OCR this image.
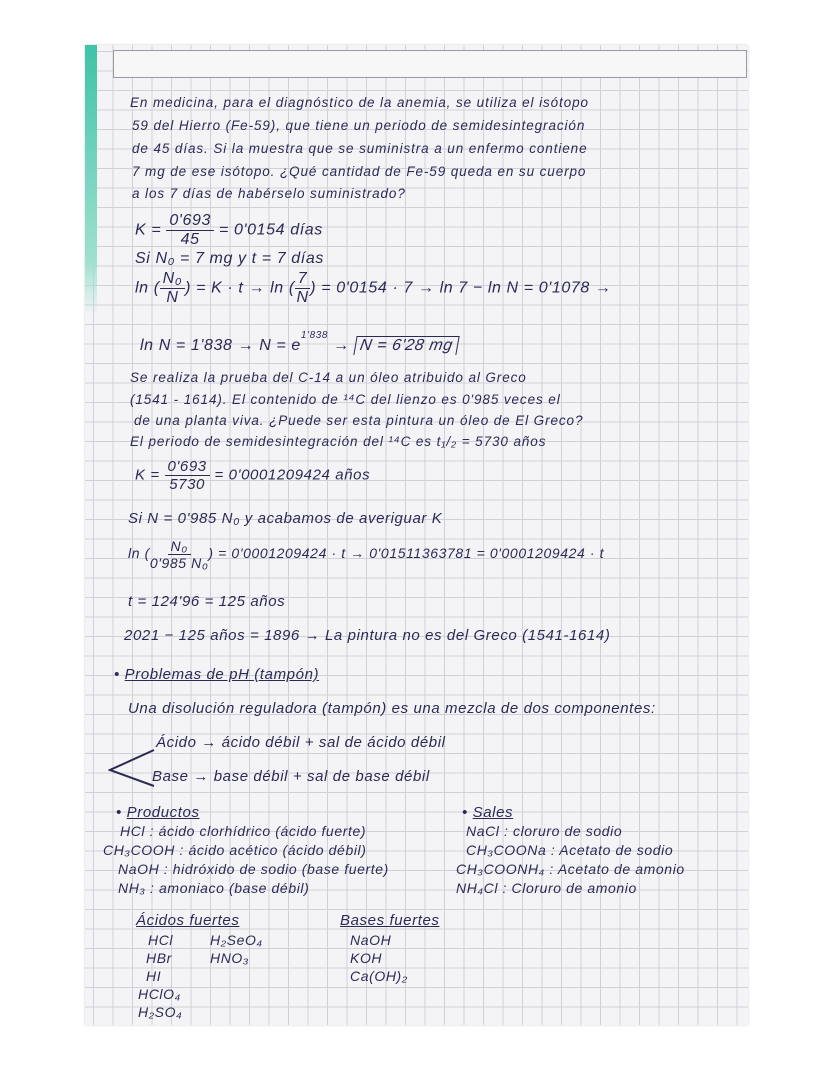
En medicina, para el diagnóstico de la anemia, se utiliza el isótopo
59 del Hierro (Fe-59), que tiene un periodo de semidesintegración
de 45 días. Si la muestra que se suministra a un enfermo contiene
7 mg de ese isótopo. ¿Qué cantidad de Fe-59 queda en su cuerpo
a los 7 días de habérselo suministrado?
$K = \frac{0'693}{45} = 0'0154$ días
Si N₀ = 7 mg y t = 7 días
ln ( $\frac{\text{N₀}}{N}$ ) = K · t → ln ( $\frac{7}{N}$ ) = 0'0154 · 7 → ln 7 − ln N = 0'1078 →
$\ln N = 1'838 \to N = e^{1'838} \to N = 6'28$ mg
Se realiza la prueba del C-14 a un óleo atribuido al Greco
(1541 - 1614). El contenido de ¹⁴C del lienzo es 0'985 veces el
de una planta viva. ¿Puede ser esta pintura un óleo de El Greco?
El periodo de semidesintegración del ¹⁴C es t₁/₂ = 5730 años
$K = \frac{0'693}{5730} = 0'0001209424$ años
Si N = 0'985 N₀ y acabamos de averiguar K
ln ( $\frac{\text{N₀}}{\text{0'985 N₀}}$ ) = 0'0001209424 · t → 0'01511363781 = 0'0001209424 · t
t = 124'96 = 125 años
2021 − 125 años = 1896 → La pintura no es del Greco (1541-1614)
• Problemas de pH (tampón)
Una disolución reguladora (tampón) es una mezcla de dos componentes:
Ácido → ácido débil + sal de ácido débil
Base → base débil + sal de base débil
• Productos
HCl : ácido clorhídrico (ácido fuerte)
CH₃COOH : ácido acético (ácido débil)
NaOH : hidróxido de sodio (base fuerte)
NH₃ : amoniaco (base débil)
• Sales
NaCl : cloruro de sodio
CH₃COONa : Acetato de sodio
CH₃COONH₄ : Acetato de amonio
NH₄Cl : Cloruro de amonio
Ácidos fuertes
HCl
HBr
HI
HClO₄
H₂SO₄
H₂SeO₄
HNO₃
Bases fuertes
NaOH
KOH
Ca(OH)₂
